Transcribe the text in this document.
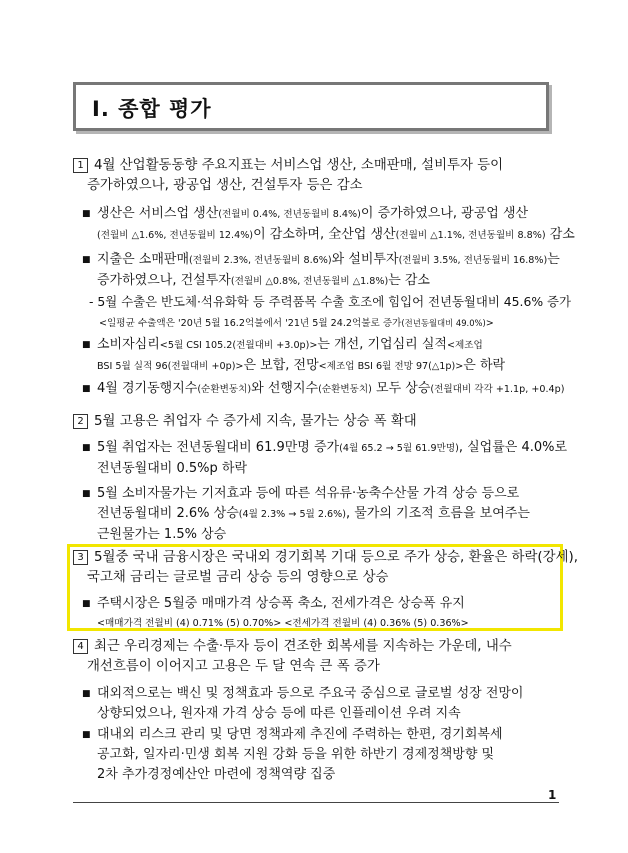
Ⅰ. 종합 평가
1 4월 산업활동동향 주요지표는 서비스업 생산, 소매판매, 설비투자 등이
증가하였으나, 광공업 생산, 건설투자 등은 감소
■ 생산은 서비스업 생산(전월비 0.4%, 전년동월비 8.4%)이 증가하였으나, 광공업 생산
(전월비 △1.6%, 전년동월비 12.4%)이 감소하며, 全산업 생산(전월비 △1.1%, 전년동월비 8.8%) 감소
■ 지출은 소매판매(전월비 2.3%, 전년동월비 8.6%)와 설비투자(전월비 3.5%, 전년동월비 16.8%)는
증가하였으나, 건설투자(전월비 △0.8%, 전년동월비 △1.8%)는 감소
- 5월 수출은 반도체·석유화학 등 주력품목 수출 호조에 힘입어 전년동월대비 45.6% 증가
<일평균 수출액은 '20년 5월 16.2억불에서 '21년 5월 24.2억불로 증가(전년동월대비 49.0%)>
■ 소비자심리<5월 CSI 105.2(전월대비 +3.0p)>는 개선, 기업심리 실적<제조업
BSI 5월 실적 96(전월대비 +0p)>은 보합, 전망<제조업 BSI 6월 전망 97(△1p)>은 하락
■ 4월 경기동행지수(순환변동치)와 선행지수(순환변동치) 모두 상승(전월대비 각각 +1.1p, +0.4p)
2 5월 고용은 취업자 수 증가세 지속, 물가는 상승 폭 확대
■ 5월 취업자는 전년동월대비 61.9만명 증가(4월 65.2 → 5월 61.9만명), 실업률은 4.0%로
전년동월대비 0.5%p 하락
■ 5월 소비자물가는 기저효과 등에 따른 석유류·농축수산물 가격 상승 등으로
전년동월대비 2.6% 상승(4월 2.3% → 5월 2.6%), 물가의 기조적 흐름을 보여주는
근원물가는 1.5% 상승
3 5월중 국내 금융시장은 국내외 경기회복 기대 등으로 주가 상승, 환율은 하락(강세),
국고채 금리는 글로벌 금리 상승 등의 영향으로 상승
■ 주택시장은 5월중 매매가격 상승폭 축소, 전세가격은 상승폭 유지
<매매가격 전월비 (4) 0.71% (5) 0.70%> <전세가격 전월비 (4) 0.36% (5) 0.36%>
4 최근 우리경제는 수출·투자 등이 견조한 회복세를 지속하는 가운데, 내수
개선흐름이 이어지고 고용은 두 달 연속 큰 폭 증가
■ 대외적으로는 백신 및 정책효과 등으로 주요국 중심으로 글로벌 성장 전망이
상향되었으나, 원자재 가격 상승 등에 따른 인플레이션 우려 지속
■ 대내외 리스크 관리 및 당면 정책과제 추진에 주력하는 한편, 경기회복세
공고화, 일자리·민생 회복 지원 강화 등을 위한 하반기 경제정책방향 및
2차 추가경정예산안 마련에 정책역량 집중
1
